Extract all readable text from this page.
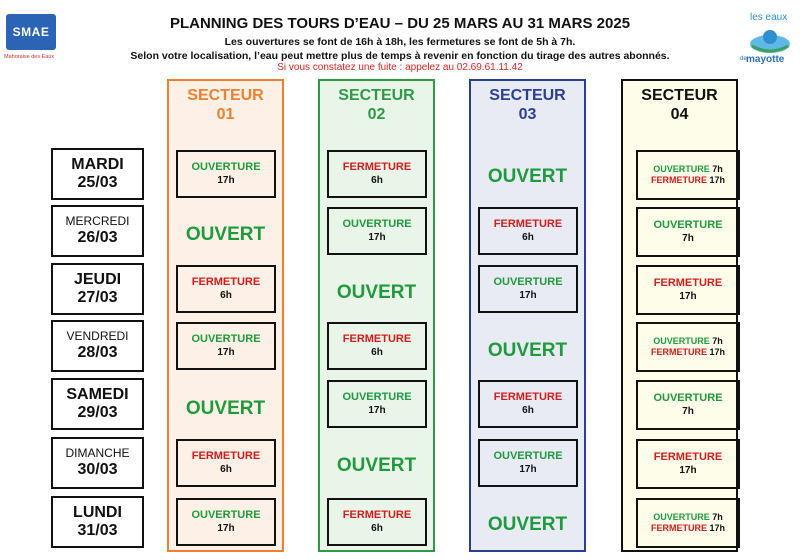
SMAE
Mahoraise des Eaux
les eaux
de mayotte
PLANNING DES TOURS D’EAU – DU 25 MARS AU 31 MARS 2025
Les ouvertures se font de 16h à 18h, les fermetures se font de 5h à 7h.
Selon votre localisation, l’eau peut mettre plus de temps à revenir en fonction du tirage des autres abonnés.
Si vous constatez une fuite : appelez au 02.69.61.11.42
MARDI
25/03
MERCREDI
26/03
JEUDI
27/03
VENDREDI
28/03
SAMEDI
29/03
DIMANCHE
30/03
LUNDI
31/03
SECTEUR
01
OUVERTURE
17h
OUVERT
FERMETURE
6h
OUVERTURE
17h
OUVERT
FERMETURE
6h
OUVERTURE
17h
SECTEUR
02
FERMETURE
6h
OUVERTURE
17h
OUVERT
FERMETURE
6h
OUVERTURE
17h
OUVERT
FERMETURE
6h
SECTEUR
03
OUVERT
FERMETURE
6h
OUVERTURE
17h
OUVERT
FERMETURE
6h
OUVERTURE
17h
OUVERT
SECTEUR
04
OUVERTURE 7h
FERMETURE 17h
OUVERTURE
7h
FERMETURE
17h
OUVERTURE 7h
FERMETURE 17h
OUVERTURE
7h
FERMETURE
17h
OUVERTURE 7h
FERMETURE 17h
